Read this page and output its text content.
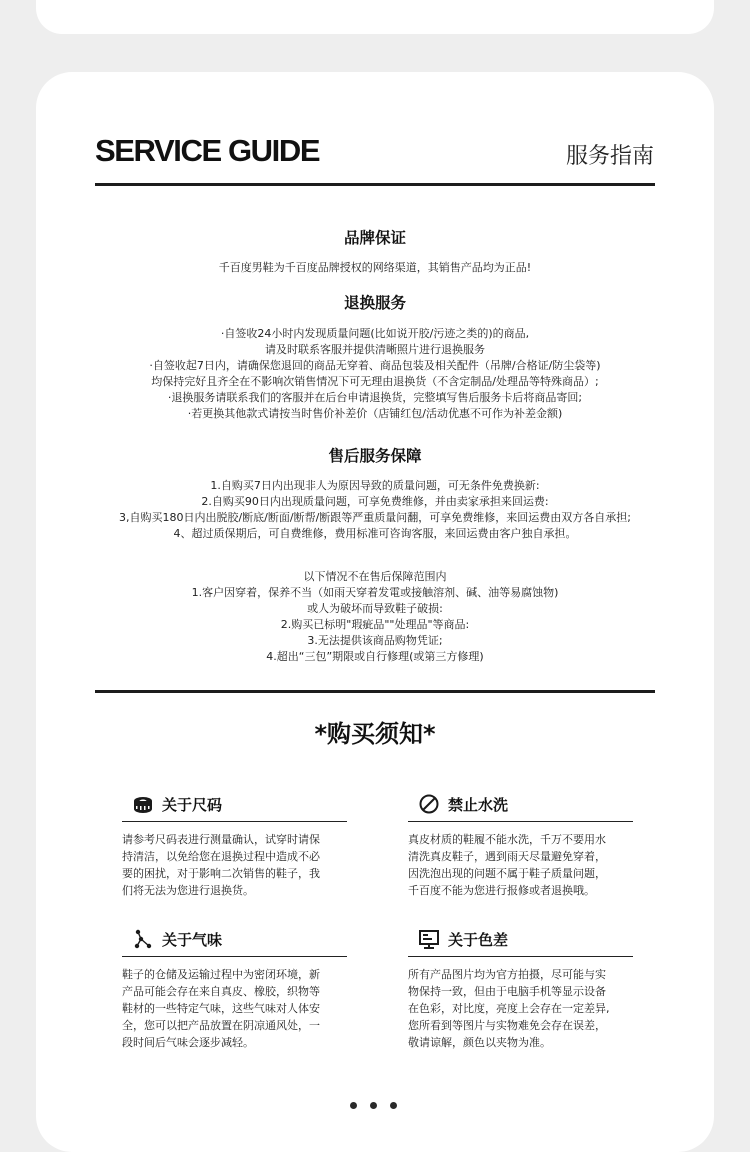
SERVICE GUIDE	服务指南
品牌保证
千百度男鞋为千百度品牌授权的网络渠道，其销售产品均为正品!
退换服务
·自签收24小时内发现质量问题(比如说开胶/污迹之类的)的商品,
请及时联系客服并提供清晰照片进行退换服务
·自签收起7日内，请确保您退回的商品无穿着、商品包装及相关配件（吊牌/合格证/防尘袋等)
均保持完好且齐全在不影响次销售情况下可无理由退换货（不含定制品/处理品等特殊商品）;
·退换服务请联系我们的客服并在后台申请退换货，完整填写售后服务卡后将商品寄回;
·若更换其他款式请按当时售价补差价（店铺红包/活动优惠不可作为补差金额)
售后服务保障
1.自购买7日内出现非人为原因导致的质量问题，可无条件免费换新:
2.自购买90日内出现质量问题，可享免费维修，并由卖家承担来回运费:
3,自购买180日内出脱胶/断底/断面/断帮/断跟等严重质量问翻，可享免费维修，来回运费由双方各自承担;
4、超过质保期后，可自费维修，费用标准可咨询客服，来回运费由客户独自承担。
以下情况不在售后保障范围内
1.客户因穿着，保养不当（如雨天穿着发電或接触溶剂、碱、油等易腐蚀物)
或人为破坏而导致鞋子破损:
2.购买已标明"瑕疵品""处理品"等商品:
3.无法提供该商品购物凭证;
4.超出“三包”期限或自行修理(或第三方修理)
*购买须知*
关于尺码
请参考尺码表进行测量确认，试穿时请保
持清洁，以免给您在退换过程中造成不必
要的困扰，对于影响二次销售的鞋子，我
们将无法为您进行退换货。
禁止水洗
真皮材质的鞋履不能水洗，千万不要用水
清洗真皮鞋子，遇到雨天尽量避免穿着，
因洗泡出现的问题不属于鞋子质量问题，
千百度不能为您进行报修或者退换哦。
关于气味
鞋子的仓储及运输过程中为密闭环境，新
产品可能会存在来自真皮、橡胶，织物等
鞋材的一些特定气味，这些气味对人体安
全，您可以把产品放置在阴凉通风处，一
段时间后气味会逐步减轻。
关于色差
所有产品图片均为官方拍摄，尽可能与实
物保持一致，但由于电脑手机等显示设备
在色彩，对比度，亮度上会存在一定差异,
您所看到等图片与实物难免会存在误差，
敬请谅解，颜色以夹物为准。
